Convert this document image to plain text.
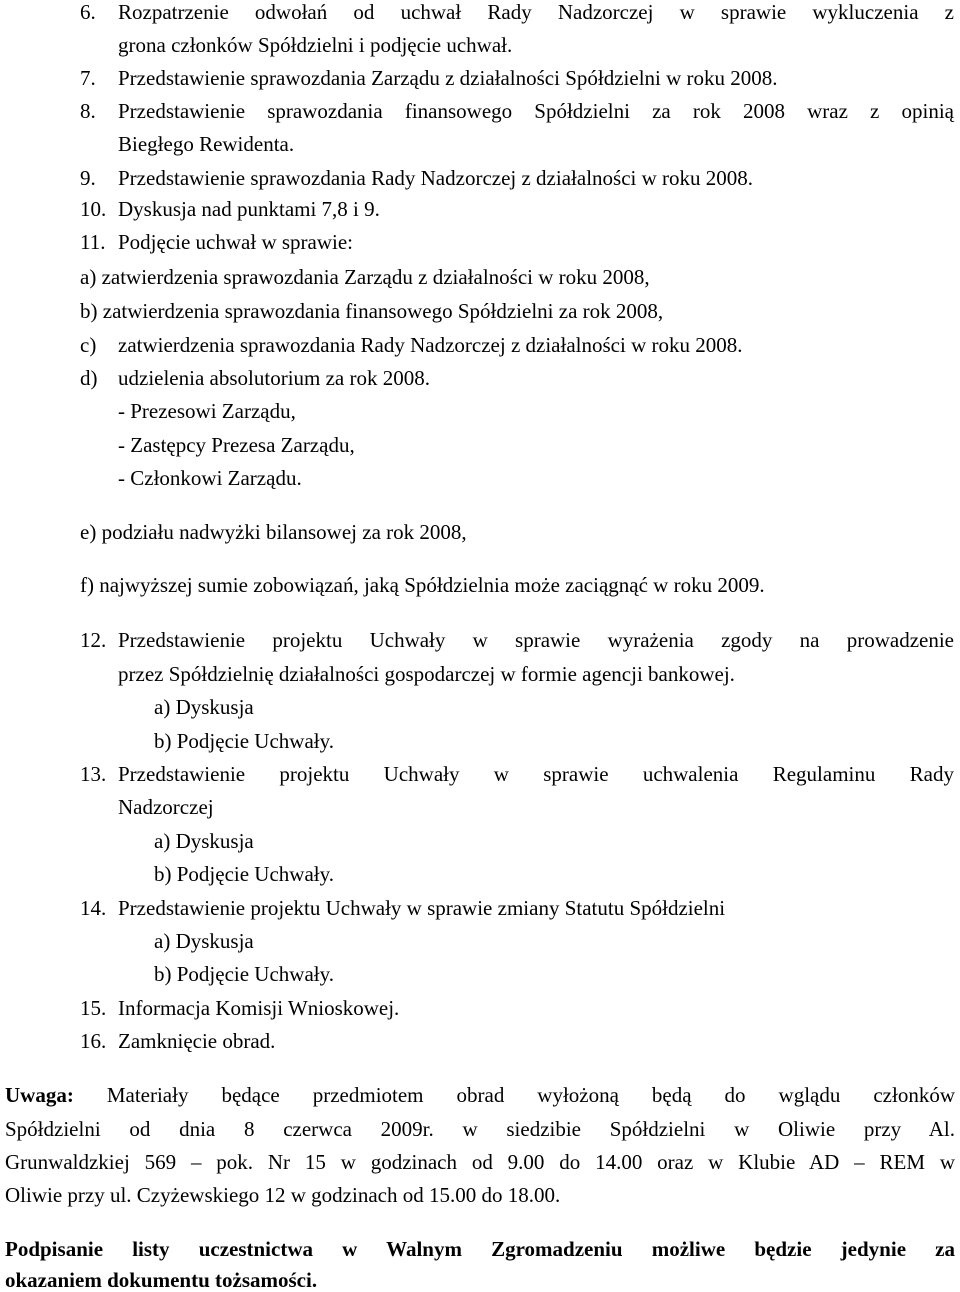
6. Rozpatrzenie odwołań od uchwał Rady Nadzorczej w sprawie wykluczenia z
grona członków Spółdzielni i podjęcie uchwał.
7. Przedstawienie sprawozdania Zarządu z działalności Spółdzielni w roku 2008.
8. Przedstawienie sprawozdania finansowego Spółdzielni za rok 2008 wraz z opinią
Biegłego Rewidenta.
9. Przedstawienie sprawozdania Rady Nadzorczej z działalności w roku 2008.
10. Dyskusja nad punktami 7,8 i 9.
11. Podjęcie uchwał w sprawie:
a) zatwierdzenia sprawozdania Zarządu z działalności w roku 2008,
b) zatwierdzenia sprawozdania finansowego Spółdzielni za rok 2008,
c) zatwierdzenia sprawozdania Rady Nadzorczej z działalności w roku 2008.
d) udzielenia absolutorium za rok 2008.
- Prezesowi Zarządu,
- Zastępcy Prezesa Zarządu,
- Członkowi Zarządu.
e) podziału nadwyżki bilansowej za rok 2008,
f) najwyższej sumie zobowiązań, jaką Spółdzielnia może zaciągnąć w roku 2009.
12. Przedstawienie projektu Uchwały w sprawie wyrażenia zgody na prowadzenie
przez Spółdzielnię działalności gospodarczej w formie agencji bankowej.
a) Dyskusja
b) Podjęcie Uchwały.
13. Przedstawienie projektu Uchwały w sprawie uchwalenia Regulaminu Rady
Nadzorczej
a) Dyskusja
b) Podjęcie Uchwały.
14. Przedstawienie projektu Uchwały w sprawie zmiany Statutu Spółdzielni
a) Dyskusja
b) Podjęcie Uchwały.
15. Informacja Komisji Wnioskowej.
16. Zamknięcie obrad.
Uwaga: Materiały będące przedmiotem obrad wyłożoną będą do wglądu członków
Spółdzielni od dnia 8 czerwca 2009r. w siedzibie Spółdzielni w Oliwie przy Al.
Grunwaldzkiej 569 – pok. Nr 15 w godzinach od 9.00 do 14.00 oraz w Klubie AD – REM w
Oliwie przy ul. Czyżewskiego 12 w godzinach od 15.00 do 18.00.
Podpisanie listy uczestnictwa w Walnym Zgromadzeniu możliwe będzie jedynie za
okazaniem dokumentu tożsamości.
